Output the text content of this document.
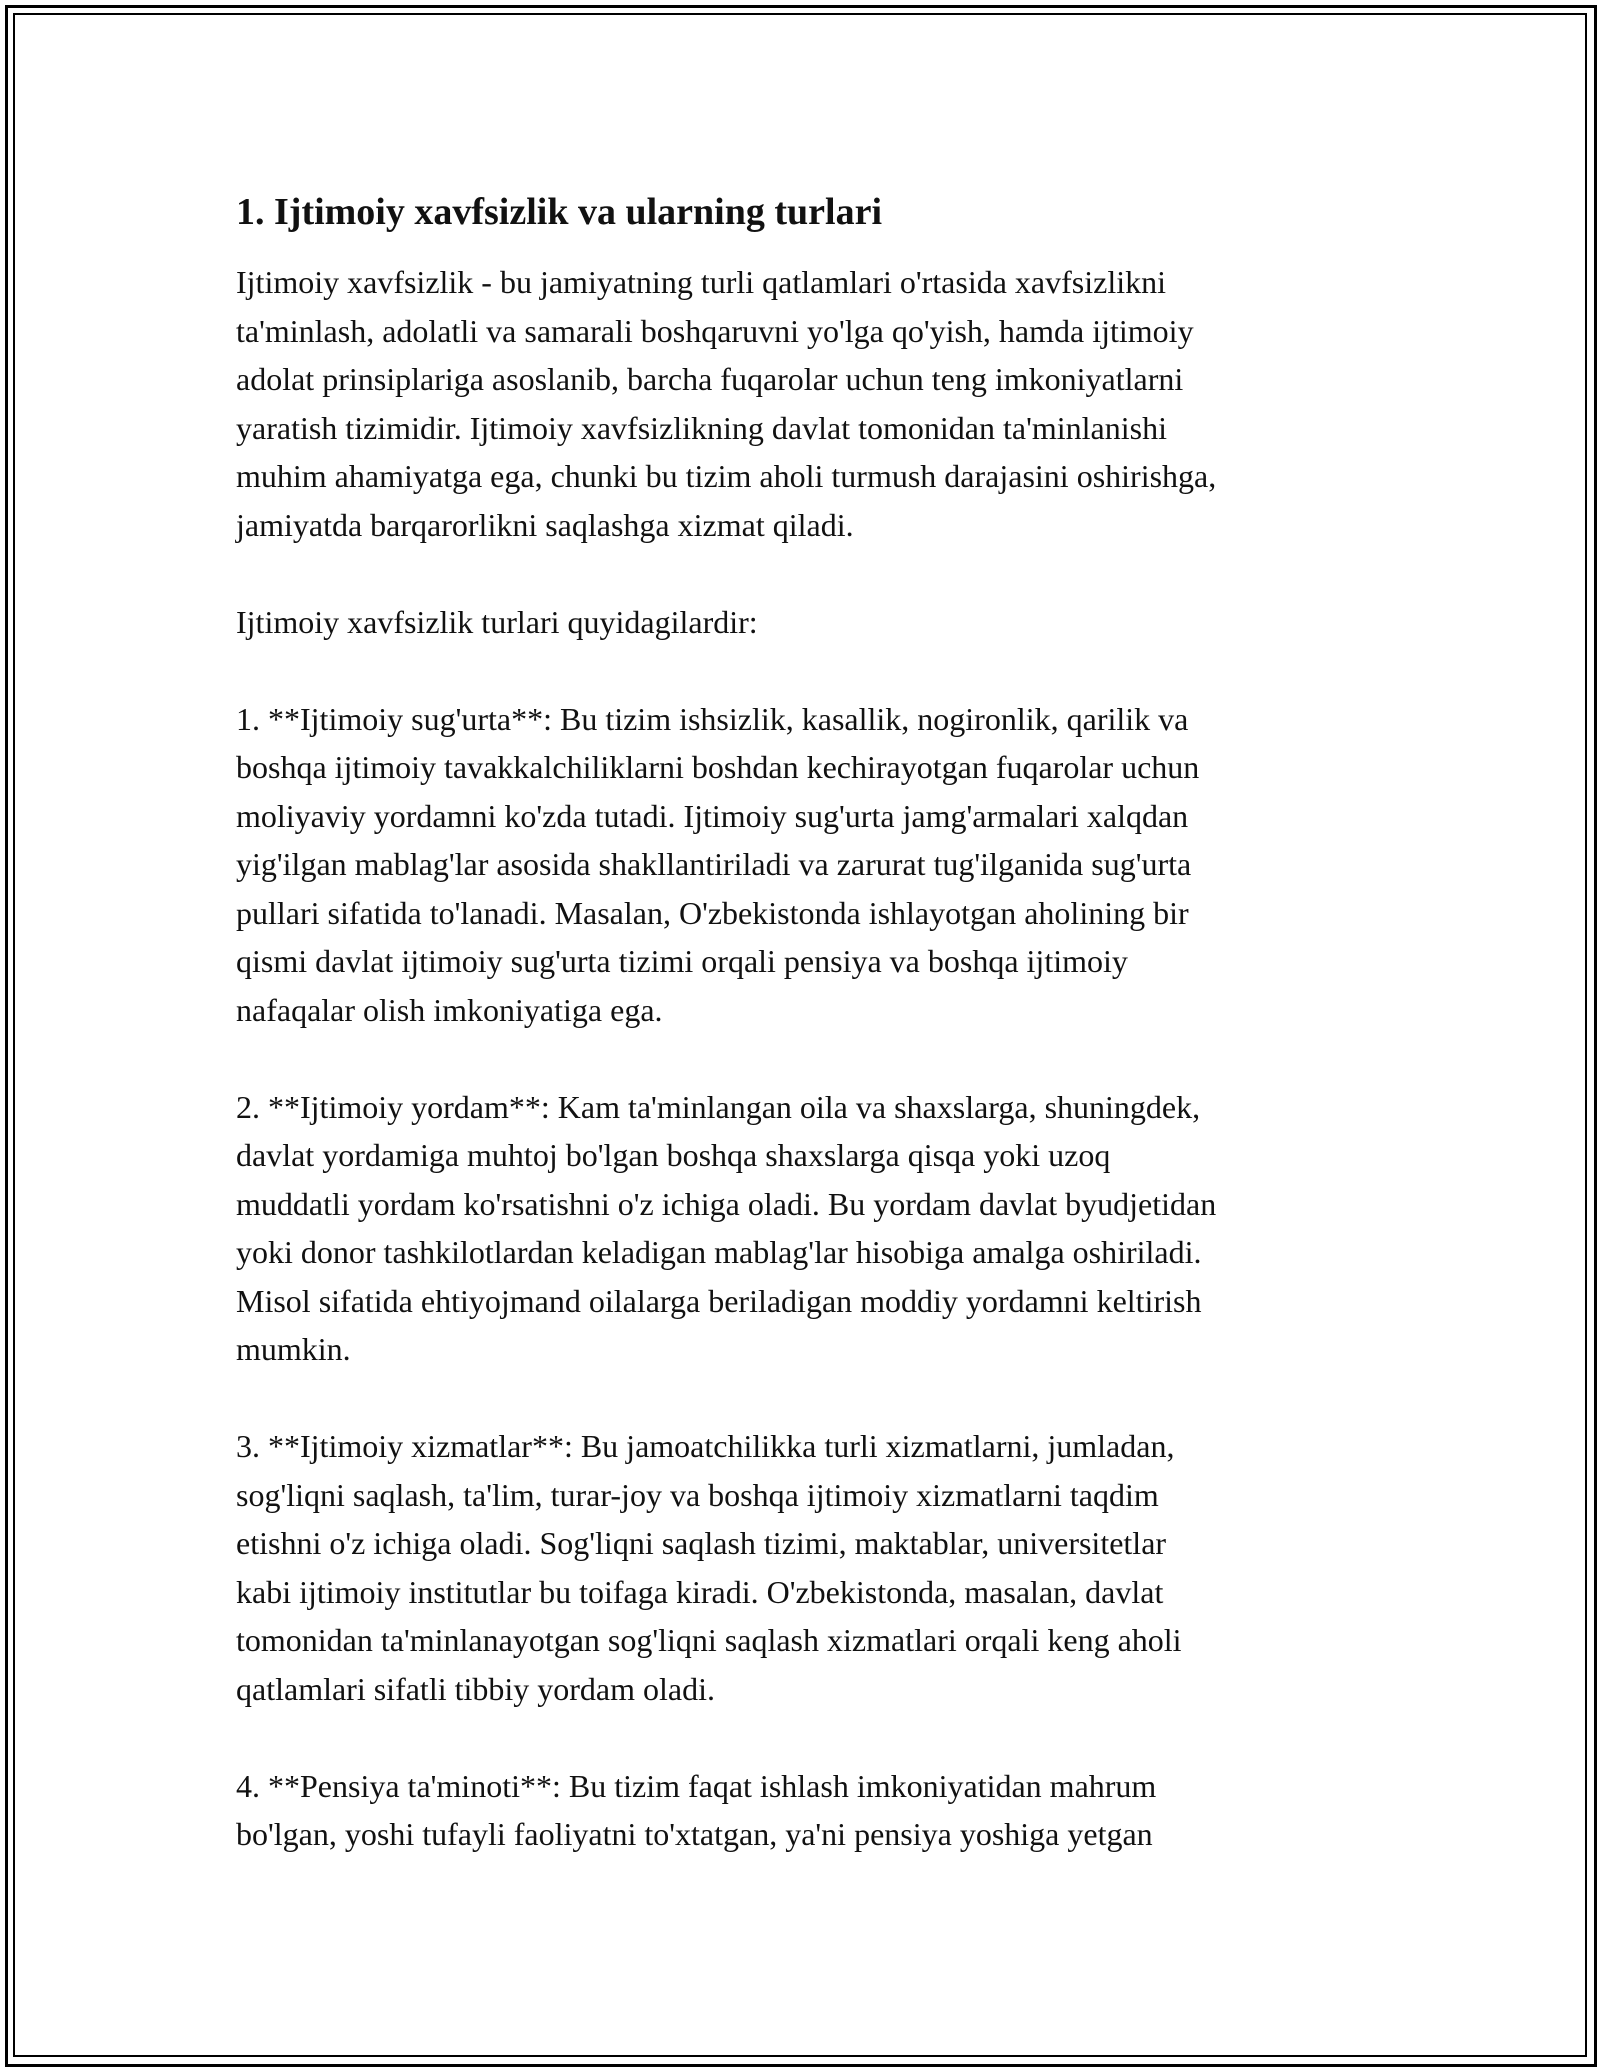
1. Ijtimoiy xavfsizlik va ularning turlari

Ijtimoiy xavfsizlik - bu jamiyatning turli qatlamlari o'rtasida xavfsizlikni
ta'minlash, adolatli va samarali boshqaruvni yo'lga qo'yish, hamda ijtimoiy
adolat prinsiplariga asoslanib, barcha fuqarolar uchun teng imkoniyatlarni
yaratish tizimidir. Ijtimoiy xavfsizlikning davlat tomonidan ta'minlanishi
muhim ahamiyatga ega, chunki bu tizim aholi turmush darajasini oshirishga,
jamiyatda barqarorlikni saqlashga xizmat qiladi.

Ijtimoiy xavfsizlik turlari quyidagilardir:

1. **Ijtimoiy sug'urta**: Bu tizim ishsizlik, kasallik, nogironlik, qarilik va
boshqa ijtimoiy tavakkalchiliklarni boshdan kechirayotgan fuqarolar uchun
moliyaviy yordamni ko'zda tutadi. Ijtimoiy sug'urta jamg'armalari xalqdan
yig'ilgan mablag'lar asosida shakllantiriladi va zarurat tug'ilganida sug'urta
pullari sifatida to'lanadi. Masalan, O'zbekistonda ishlayotgan aholining bir
qismi davlat ijtimoiy sug'urta tizimi orqali pensiya va boshqa ijtimoiy
nafaqalar olish imkoniyatiga ega.

2. **Ijtimoiy yordam**: Kam ta'minlangan oila va shaxslarga, shuningdek,
davlat yordamiga muhtoj bo'lgan boshqa shaxslarga qisqa yoki uzoq
muddatli yordam ko'rsatishni o'z ichiga oladi. Bu yordam davlat byudjetidan
yoki donor tashkilotlardan keladigan mablag'lar hisobiga amalga oshiriladi.
Misol sifatida ehtiyojmand oilalarga beriladigan moddiy yordamni keltirish
mumkin.

3. **Ijtimoiy xizmatlar**: Bu jamoatchilikka turli xizmatlarni, jumladan,
sog'liqni saqlash, ta'lim, turar-joy va boshqa ijtimoiy xizmatlarni taqdim
etishni o'z ichiga oladi. Sog'liqni saqlash tizimi, maktablar, universitetlar
kabi ijtimoiy institutlar bu toifaga kiradi. O'zbekistonda, masalan, davlat
tomonidan ta'minlanayotgan sog'liqni saqlash xizmatlari orqali keng aholi
qatlamlari sifatli tibbiy yordam oladi.

4. **Pensiya ta'minoti**: Bu tizim faqat ishlash imkoniyatidan mahrum
bo'lgan, yoshi tufayli faoliyatni to'xtatgan, ya'ni pensiya yoshiga yetgan
